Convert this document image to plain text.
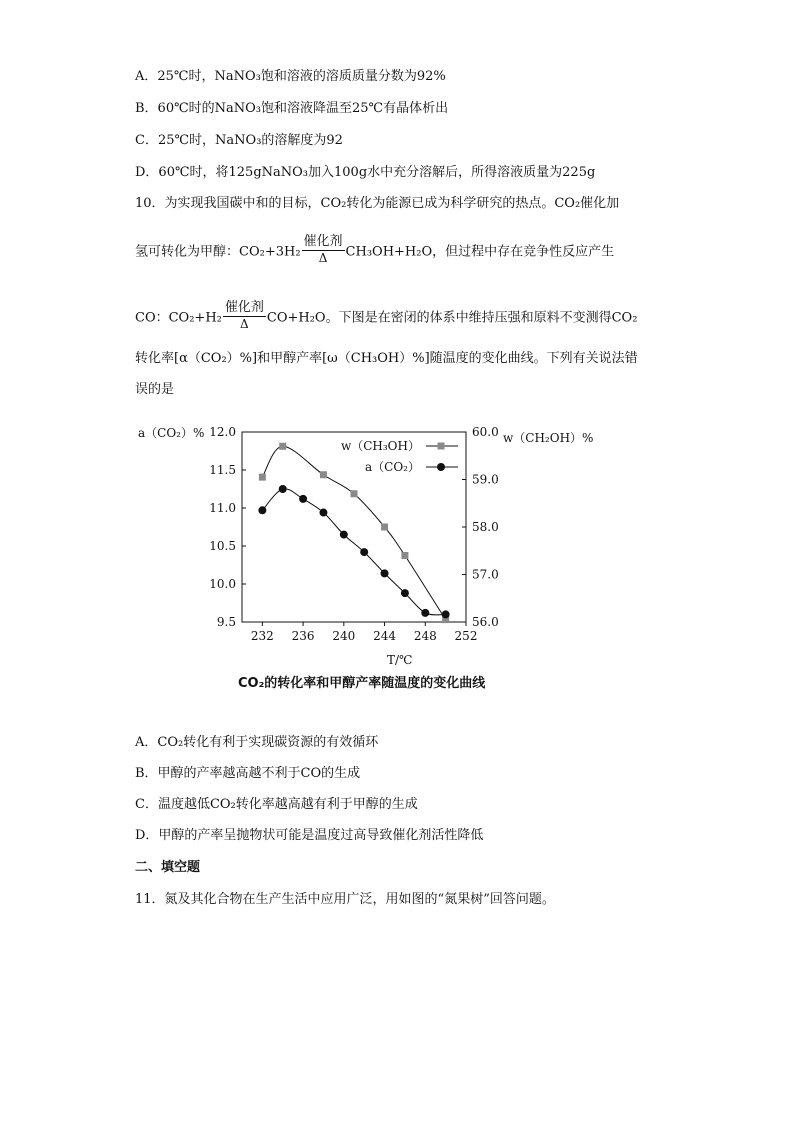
A．25℃时，NaNO₃饱和溶液的溶质质量分数为92%
B．60℃时的NaNO₃饱和溶液降温至25℃有晶体析出
C．25℃时，NaNO₃的溶解度为92
D．60℃时，将125gNaNO₃加入100g水中充分溶解后，所得溶液质量为225g
10．为实现我国碳中和的目标，CO₂转化为能源已成为科学研究的热点。CO₂催化加
氢可转化为甲醇：$CO_2+3H_2 \frac{\text{催化剂}}{\Delta} CH_3OH+H_2O$，但过程中存在竞争性反应产生
CO：$CO_2+H_2 \frac{\text{催化剂}}{\Delta} CO+H_2O$。下图是在密闭的体系中维持压强和原料不变测得CO₂
转化率[α（CO₂）%]和甲醇产率[ω（CH₃OH）%]随温度的变化曲线。下列有关说法错
误的是
a（CO₂）%	w（CH₂OH）%
T/℃
232 236 240 244 248 252
9.5
10.0
10.5
11.0
11.5
12.0
56.0
57.0
58.0
59.0
60.0
w（CH₃OH）
a（CO₂）
CO₂的转化率和甲醇产率随温度的变化曲线
A．CO₂转化有利于实现碳资源的有效循环
B．甲醇的产率越高越不利于CO的生成
C．温度越低CO₂转化率越高越有利于甲醇的生成
D．甲醇的产率呈抛物状可能是温度过高导致催化剂活性降低
二、填空题
11．氮及其化合物在生产生活中应用广泛，用如图的“氮果树”回答问题。
